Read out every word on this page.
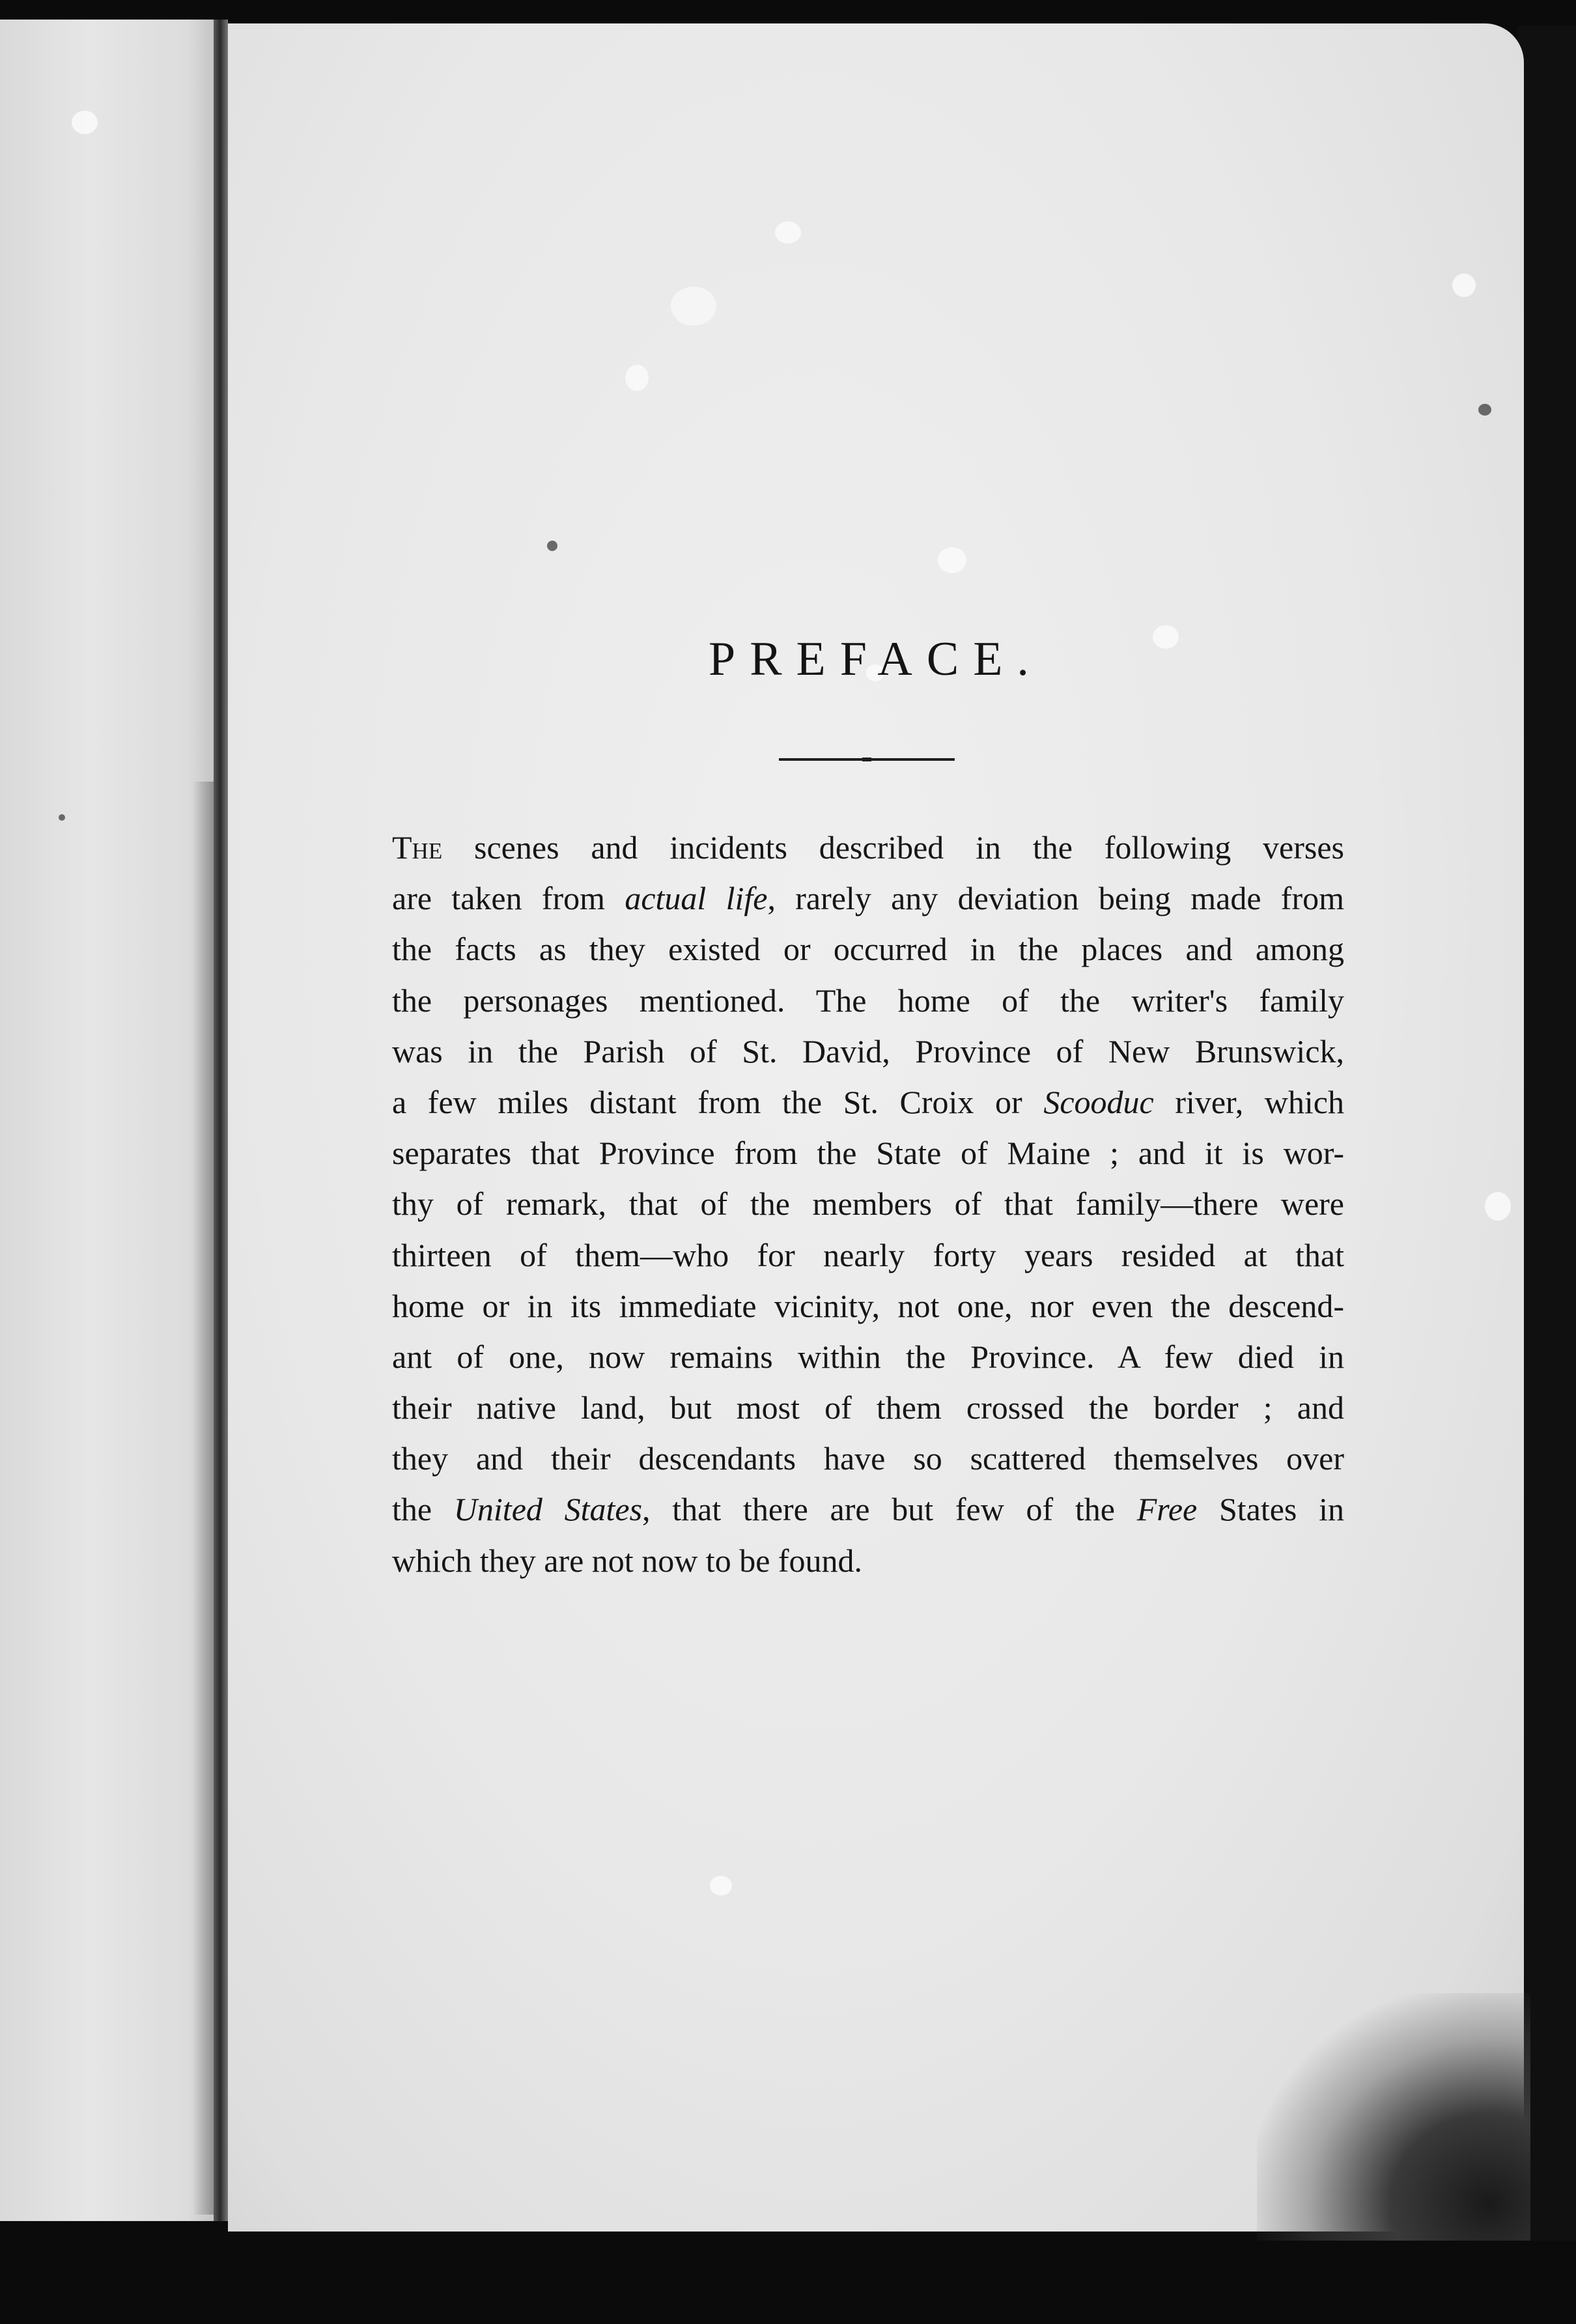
PREFACE.
The scenes and incidents described in the following verses
are taken from actual life, rarely any deviation being made from
the facts as they existed or occurred in the places and among
the personages mentioned. The home of the writer's family
was in the Parish of St. David, Province of New Brunswick,
a few miles distant from the St. Croix or Scooduc river, which
separates that Province from the State of Maine ; and it is wor-
thy of remark, that of the members of that family—there were
thirteen of them—who for nearly forty years resided at that
home or in its immediate vicinity, not one, nor even the descend-
ant of one, now remains within the Province. A few died in
their native land, but most of them crossed the border ; and
they and their descendants have so scattered themselves over
the United States, that there are but few of the Free States in
which they are not now to be found.
